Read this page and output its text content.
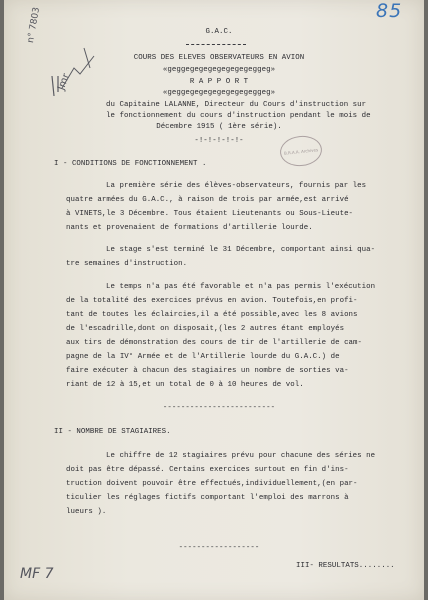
85
n° 7803
Jmr
B.R.A.A. Archives
G.A.C.
COURS DES ELEVES OBSERVATEURS EN AVION
«geggegegegegegegegeggeg»
R A P P O R T
«geggegegegegegegegeggeg»
du Capitaine LALANNE, Directeur du Cours d'instruction sur
le fonctionnement du cours d'instruction pendant le mois de
Décembre 1915 ( 1ère série).
-!-!-!-!-!-
I - CONDITIONS DE FONCTIONNEMENT .
La première série des élèves-observateurs, fournis par les
quatre armées du G.A.C., à raison de trois par armée,est arrivé
à VINETS,le 3 Décembre. Tous étaient Lieutenants ou Sous-Lieute-
nants et provenaient de formations d'artillerie lourde.
Le stage s'est terminé le 31 Décembre, comportant ainsi qua-
tre semaines d'instruction.
Le temps n'a pas été favorable et n'a pas permis l'exécution
de la totalité des exercices prévus en avion. Toutefois,en profi-
tant de toutes les éclaircies,il a été possible,avec les 8 avions
de l'escadrille,dont on disposait,(les 2 autres étant employés
aux tirs de démonstration des cours de tir de l'artillerie de cam-
pagne de la IV° Armée et de l'Artillerie lourde du G.A.C.) de
faire exécuter à chacun des stagiaires un nombre de sorties va-
riant de 12 à 15,et un total de 0 à 10 heures de vol.
-------------------------
II - NOMBRE DE STAGIAIRES.
Le chiffre de 12 stagiaires prévu pour chacune des séries ne
doit pas être dépassé. Certains exercices surtout en fin d'ins-
truction doivent pouvoir être effectués,individuellement,(en par-
ticulier les réglages fictifs comportant l'emploi des marrons à
lueurs ).
------------------
III- RESULTATS........
MF 7
